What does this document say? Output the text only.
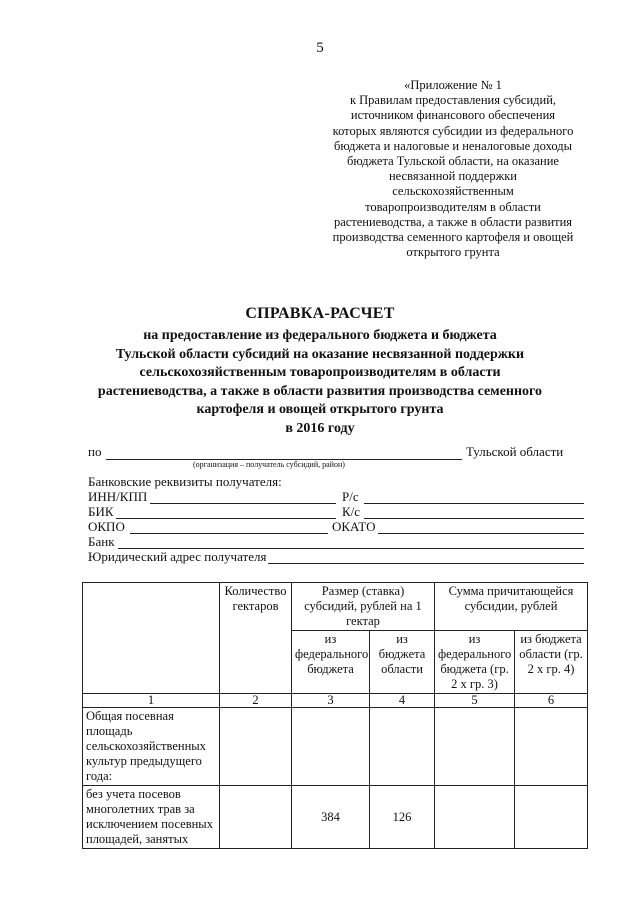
5
«Приложение № 1
к Правилам предоставления субсидий,
источником финансового обеспечения
которых являются субсидии из федерального
бюджета и налоговые и неналоговые доходы
бюджета Тульской области, на оказание
несвязанной поддержки
сельскохозяйственным
товаропроизводителям в области
растениеводства, а также в области развития
производства семенного картофеля и овощей
открытого грунта
СПРАВКА-РАСЧЕТ
на предоставление из федерального бюджета и бюджета
Тульской области субсидий на оказание несвязанной поддержки
сельскохозяйственным товаропроизводителям в области
растениеводства, а также в области развития производства семенного
картофеля и овощей открытого грунта
в 2016 году
по	Тульской области
(организация – получатель субсидий, район)
Банковские реквизиты получателя:
ИНН/КПП	Р/с
БИК	К/с
ОКПО	ОКАТО
Банк
Юридический адрес получателя
	Количество гектаров	Размер (ставка) субсидий, рублей на 1 гектар		Сумма причитающейся субсидии, рублей	
		из федерального бюджета	из бюджета области	из федерального бюджета (гр. 2 х гр. 3)	из бюджета области (гр. 2 х гр. 4)
1	2	3	4	5	6
Общая посевная площадь сельскохозяйственных культур предыдущего года:					
без учета посевов многолетних трав за исключением посевных площадей, занятых		384	126		
